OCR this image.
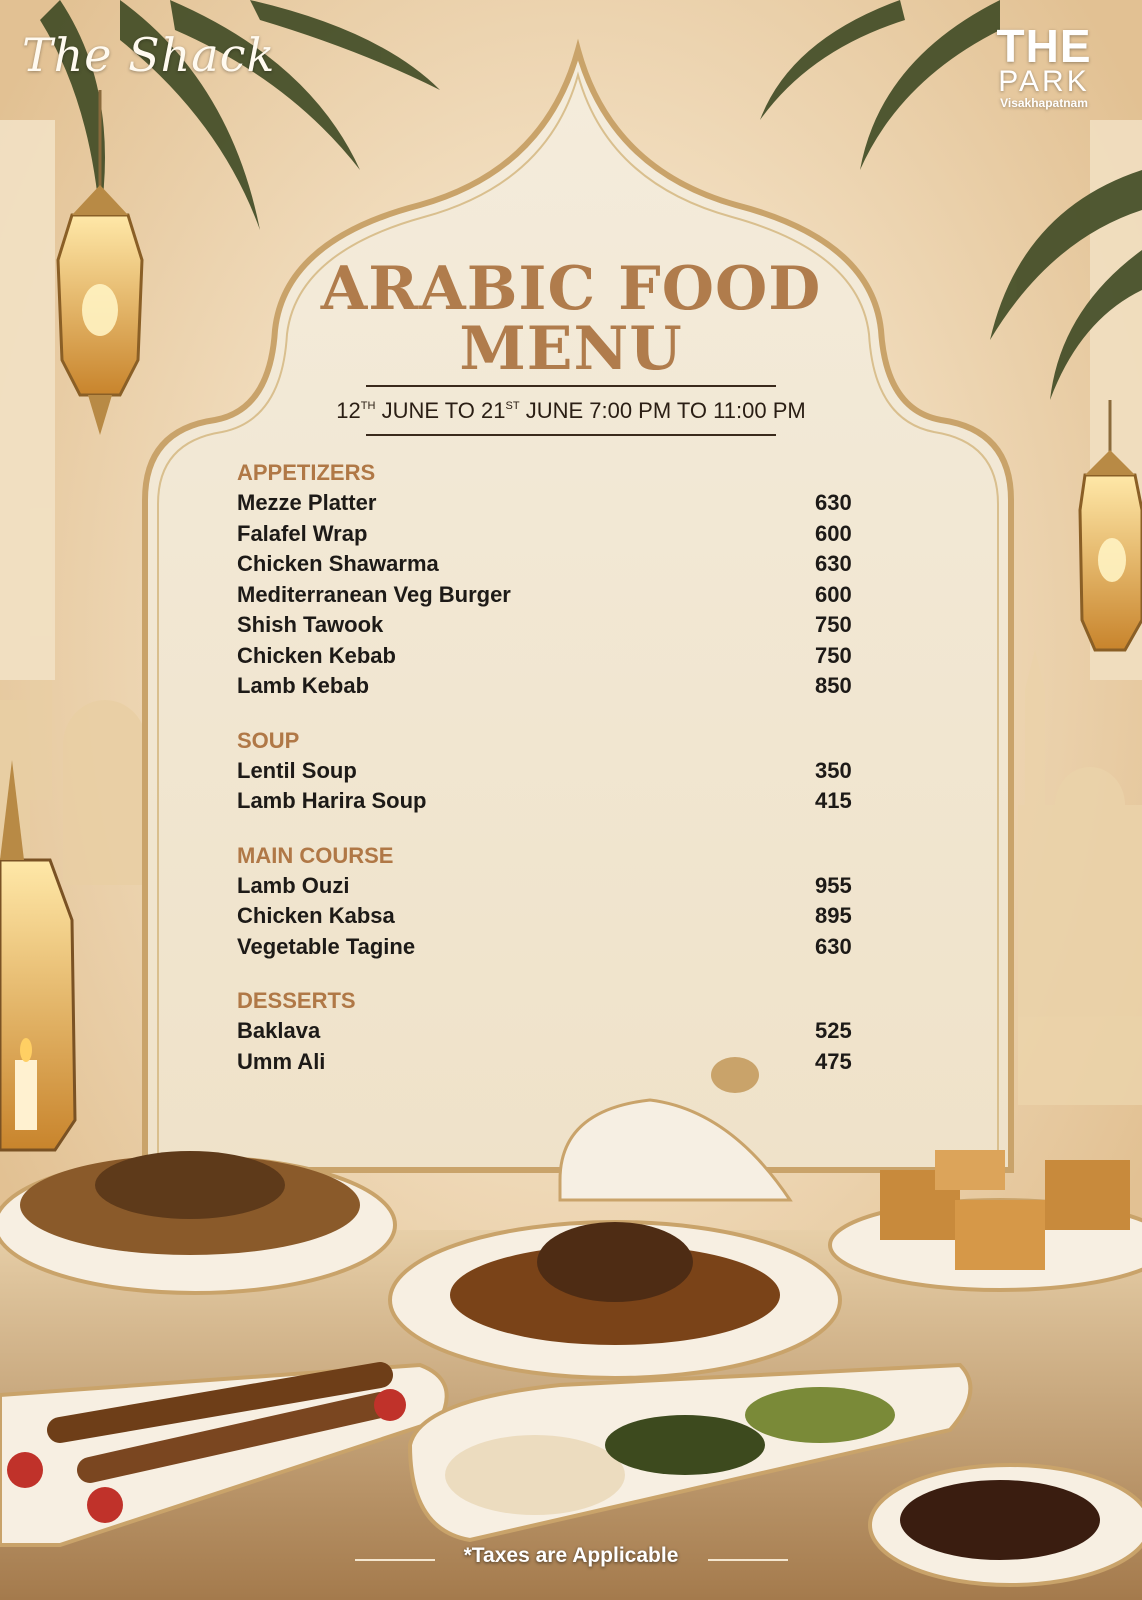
The Shack	THE
PARK
Visakhapatnam
ARABIC FOOD
MENU
12TH JUNE TO 21ST JUNE 7:00 PM TO 11:00 PM
APPETIZERS
Mezze Platter	630
Falafel Wrap	600
Chicken Shawarma	630
Mediterranean Veg Burger	600
Shish Tawook	750
Chicken Kebab	750
Lamb Kebab	850
SOUP
Lentil Soup	350
Lamb Harira Soup	415
MAIN COURSE
Lamb Ouzi	955
Chicken Kabsa	895
Vegetable Tagine	630
DESSERTS
Baklava	525
Umm Ali	475
*Taxes are Applicable
